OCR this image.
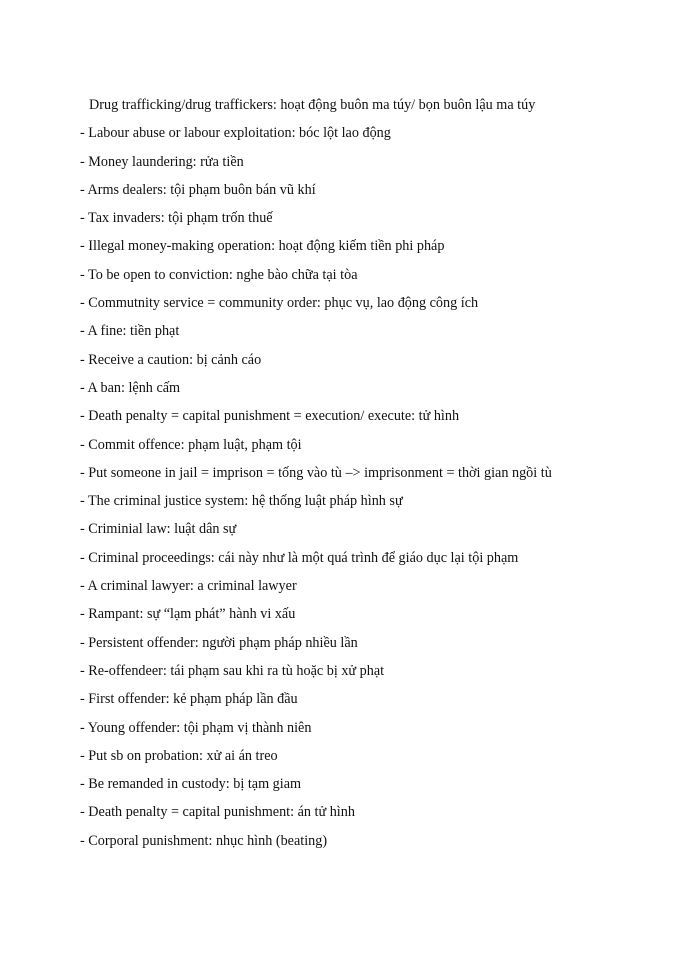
Drug trafficking/drug traffickers: hoạt động buôn ma túy/ bọn buôn lậu ma túy
- Labour abuse or labour exploitation: bóc lột lao động
- Money laundering: rửa tiền
- Arms dealers: tội phạm buôn bán vũ khí
- Tax invaders: tội phạm trốn thuế
- Illegal money-making operation: hoạt động kiếm tiền phi pháp
- To be open to conviction: nghe bào chữa tại tòa
- Commutnity service = community order: phục vụ, lao động công ích
- A fine: tiền phạt
- Receive a caution: bị cảnh cáo
- A ban: lệnh cấm
- Death penalty = capital punishment = execution/ execute: tử hình
- Commit offence: phạm luật, phạm tội
- Put someone in jail = imprison = tống vào tù –> imprisonment = thời gian ngồi tù
- The criminal justice system: hệ thống luật pháp hình sự
- Criminial law: luật dân sự
- Criminal proceedings: cái này như là một quá trình để giáo dục lại tội phạm
- A criminal lawyer: a criminal lawyer
- Rampant: sự “lạm phát” hành vi xấu
- Persistent offender: người phạm pháp nhiều lần
- Re-offendeer: tái phạm sau khi ra tù hoặc bị xử phạt
- First offender: kẻ phạm pháp lần đầu
- Young offender: tội phạm vị thành niên
- Put sb on probation: xử ai án treo
- Be remanded in custody: bị tạm giam
- Death penalty = capital punishment: án tử hình
- Corporal punishment: nhục hình (beating)
